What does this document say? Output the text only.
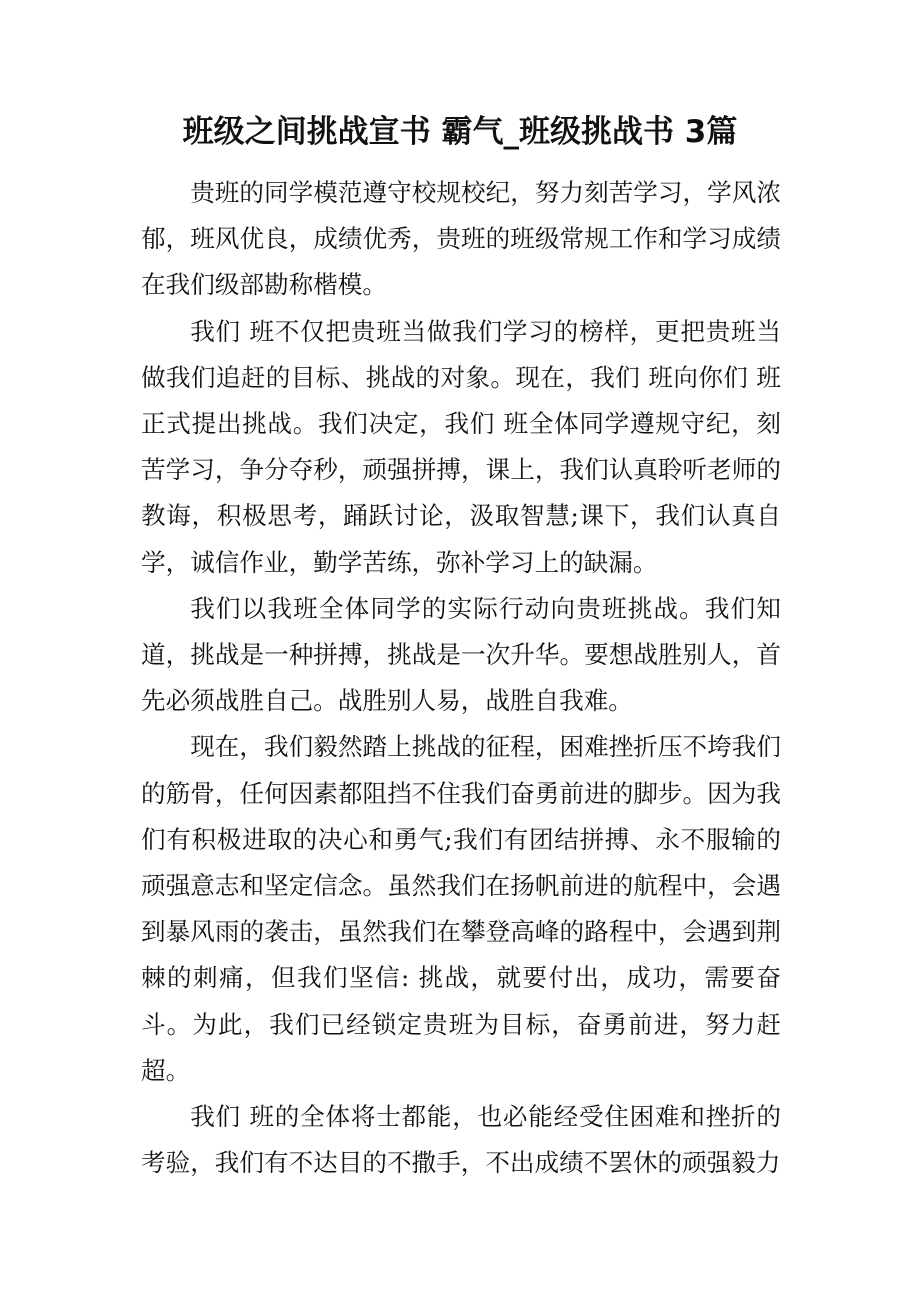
班级之间挑战宣书 霸气_班级挑战书 3篇

贵班的同学模范遵守校规校纪，努力刻苦学习，学风浓郁，班风优良，成绩优秀，贵班的班级常规工作和学习成绩在我们级部勘称楷模。

我们 班不仅把贵班当做我们学习的榜样，更把贵班当做我们追赶的目标、挑战的对象。现在，我们 班向你们 班正式提出挑战。我们决定，我们 班全体同学遵规守纪，刻苦学习，争分夺秒，顽强拼搏，课上，我们认真聆听老师的教诲，积极思考，踊跃讨论，汲取智慧;课下，我们认真自学，诚信作业，勤学苦练，弥补学习上的缺漏。

我们以我班全体同学的实际行动向贵班挑战。我们知道，挑战是一种拼搏，挑战是一次升华。要想战胜别人，首先必须战胜自己。战胜别人易，战胜自我难。

现在，我们毅然踏上挑战的征程，困难挫折压不垮我们的筋骨，任何因素都阻挡不住我们奋勇前进的脚步。因为我们有积极进取的决心和勇气;我们有团结拼搏、永不服输的顽强意志和坚定信念。虽然我们在扬帆前进的航程中，会遇到暴风雨的袭击，虽然我们在攀登高峰的路程中，会遇到荆棘的刺痛，但我们坚信: 挑战，就要付出，成功，需要奋斗。为此，我们已经锁定贵班为目标，奋勇前进，努力赶超。

我们 班的全体将士都能，也必能经受住困难和挫折的考验，我们有不达目的不撒手，不出成绩不罢休的顽强毅力
